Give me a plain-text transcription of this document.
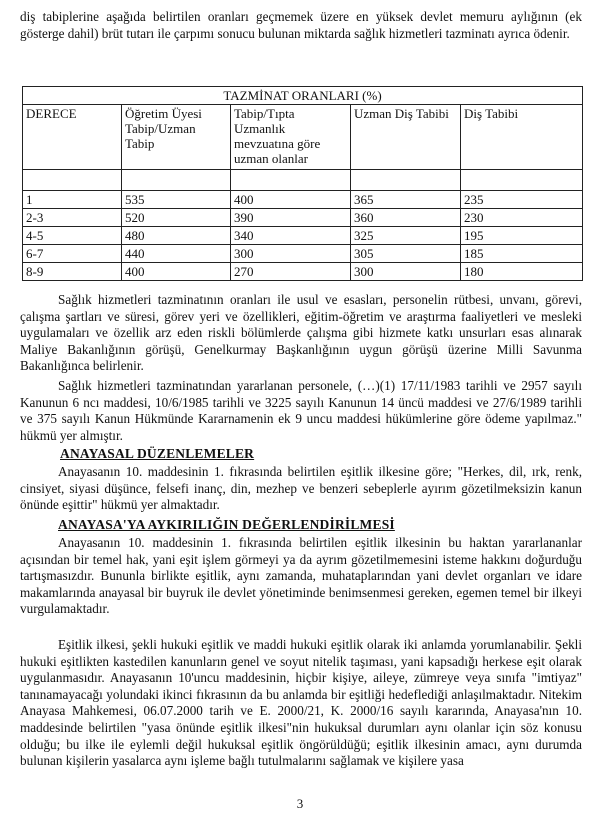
diş tabiplerine aşağıda belirtilen oranları geçmemek üzere en yüksek devlet memuru aylığının (ek gösterge dahil) brüt tutarı ile çarpımı sonucu bulunan miktarda sağlık hizmetleri tazminatı ayrıca ödenir.

TAZMİNAT ORANLARI (%)				
DERECE	Öğretim Üyesi Tabip/Uzman Tabip	Tabip/Tıpta Uzmanlık mevzuatına göre uzman olanlar	Uzman Diş Tabibi	Diş Tabibi

1	535	400	365	235
2-3	520	390	360	230
4-5	480	340	325	195
6-7	440	300	305	185
8-9	400	270	300	180

Sağlık hizmetleri tazminatının oranları ile usul ve esasları, personelin rütbesi, unvanı, görevi, çalışma şartları ve süresi, görev yeri ve özellikleri, eğitim-öğretim ve araştırma faaliyetleri ve mesleki uygulamaları ve özellik arz eden riskli bölümlerde çalışma gibi hizmete katkı unsurları esas alınarak Maliye Bakanlığının görüşü, Genelkurmay Başkanlığının uygun görüşü üzerine Milli Savunma Bakanlığınca belirlenir.

Sağlık hizmetleri tazminatından yararlanan personele, (…)(1) 17/11/1983 tarihli ve 2957 sayılı Kanunun 6 ncı maddesi, 10/6/1985 tarihli ve 3225 sayılı Kanunun 14 üncü maddesi ve 27/6/1989 tarihli ve 375 sayılı Kanun Hükmünde Kararnamenin ek 9 uncu maddesi hükümlerine göre ödeme yapılmaz." hükmü yer almıştır.

ANAYASAL DÜZENLEMELER

Anayasanın 10. maddesinin 1. fıkrasında belirtilen eşitlik ilkesine göre; "Herkes, dil, ırk, renk, cinsiyet, siyasi düşünce, felsefi inanç, din, mezhep ve benzeri sebeplerle ayırım gözetilmeksizin kanun önünde eşittir" hükmü yer almaktadır.

ANAYASA'YA AYKIRILIĞIN DEĞERLENDİRİLMESİ

Anayasanın 10. maddesinin 1. fıkrasında belirtilen eşitlik ilkesinin bu haktan yararlananlar açısından bir temel hak, yani eşit işlem görmeyi ya da ayrım gözetilmemesini isteme hakkını doğurduğu tartışmasızdır. Bununla birlikte eşitlik, aynı zamanda, muhataplarından yani devlet organları ve idare makamlarında anayasal bir buyruk ile devlet yönetiminde benimsenmesi gereken, egemen temel bir ilkeyi vurgulamaktadır.

Eşitlik ilkesi, şekli hukuki eşitlik ve maddi hukuki eşitlik olarak iki anlamda yorumlanabilir. Şekli hukuki eşitlikten kastedilen kanunların genel ve soyut nitelik taşıması, yani kapsadığı herkese eşit olarak uygulanmasıdır. Anayasanın 10'uncu maddesinin, hiçbir kişiye, aileye, zümreye veya sınıfa "imtiyaz" tanınamayacağı yolundaki ikinci fıkrasının da bu anlamda bir eşitliği hedeflediği anlaşılmaktadır. Nitekim Anayasa Mahkemesi, 06.07.2000 tarih ve E. 2000/21, K. 2000/16 sayılı kararında, Anayasa'nın 10. maddesinde belirtilen "yasa önünde eşitlik ilkesi"nin hukuksal durumları aynı olanlar için söz konusu olduğu; bu ilke ile eylemli değil hukuksal eşitlik öngörüldüğü; eşitlik ilkesinin amacı, aynı durumda bulunan kişilerin yasalarca aynı işleme bağlı tutulmalarını sağlamak ve kişilere yasa

3
